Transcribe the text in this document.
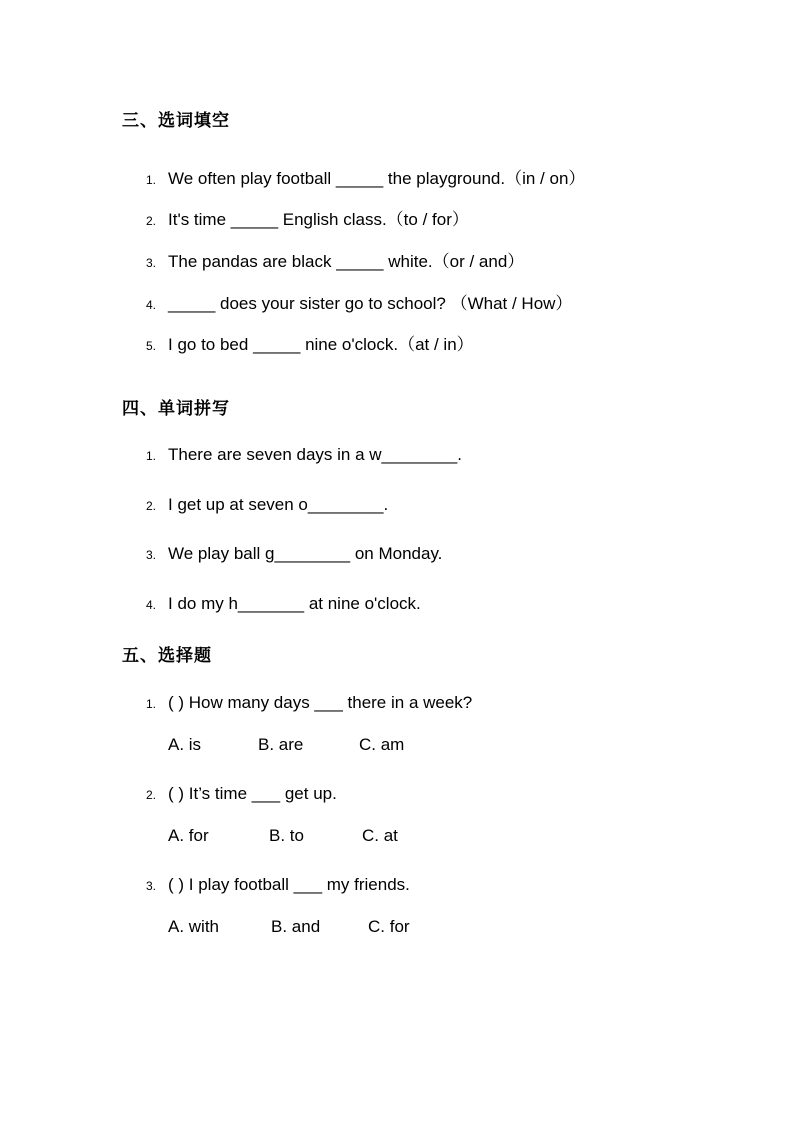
三、选词填空
1. We often play football _____ the playground.（in / on）
2. It's time _____ English class.（to / for）
3. The pandas are black _____ white.（or / and）
4. _____ does your sister go to school? （What / How）
5. I go to bed _____ nine o'clock.（at / in）
四、单词拼写
1. There are seven days in a w________.
2. I get up at seven o________.
3. We play ball g________ on Monday.
4. I do my h_______ at nine o'clock.
五、选择题
1. ( ) How many days ___ there in a week?
A. is	B. are	C. am
2. ( ) It’s time ___ get up.
A. for	B. to	C. at
3. ( ) I play football ___ my friends.
A. with	B. and	C. for
